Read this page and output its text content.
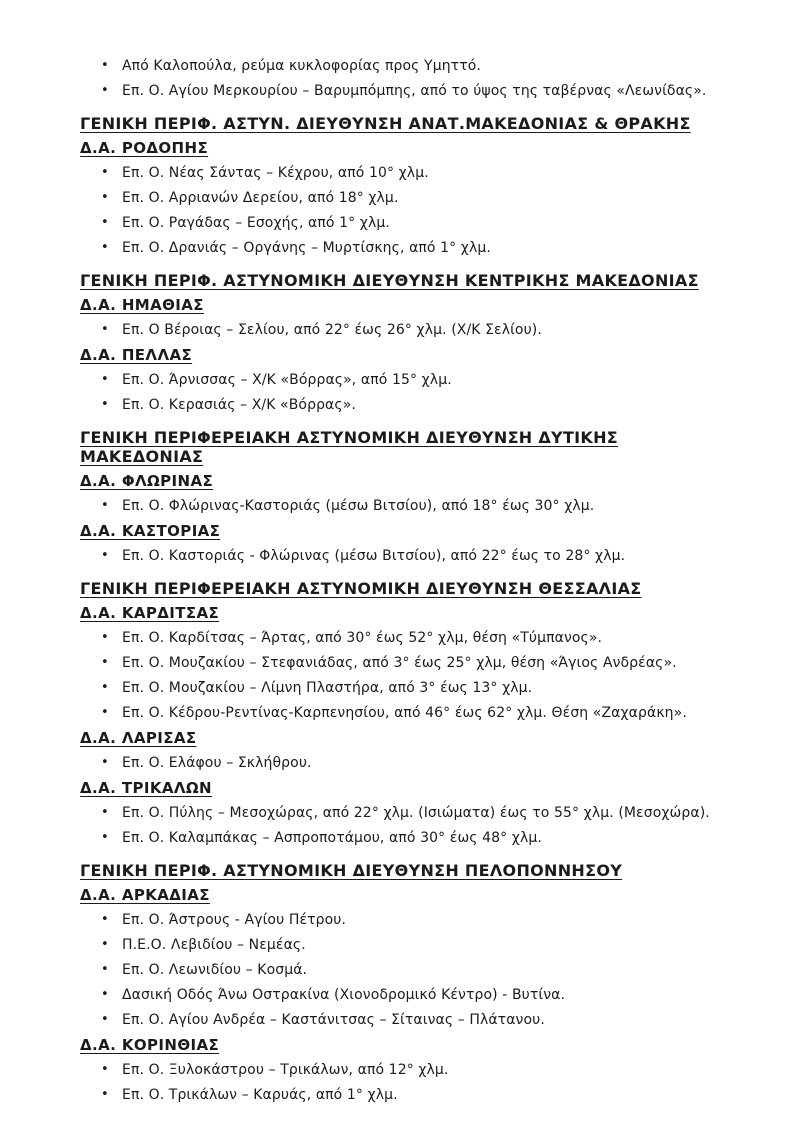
• Από Καλοπούλα, ρεύμα κυκλοφορίας προς Υμηττό.
• Επ. Ο. Αγίου Μερκουρίου – Βαρυμπόμπης, από το ύψος της ταβέρνας «Λεωνίδας».
ΓΕΝΙΚΗ ΠΕΡΙΦ. ΑΣΤΥΝ. ΔΙΕΥΘΥΝΣΗ ΑΝΑΤ.ΜΑΚΕΔΟΝΙΑΣ & ΘΡΑΚΗΣ
Δ.Α. ΡΟΔΟΠΗΣ
• Επ. Ο. Νέας Σάντας – Κέχρου, από 10° χλμ.
• Επ. Ο. Αρριανών Δερείου, από 18° χλμ.
• Επ. Ο. Ραγάδας – Εσοχής, από 1° χλμ.
• Επ. Ο. Δρανιάς – Οργάνης – Μυρτίσκης, από 1° χλμ.
ΓΕΝΙΚΗ ΠΕΡΙΦ. ΑΣΤΥΝΟΜΙΚΗ ΔΙΕΥΘΥΝΣΗ ΚΕΝΤΡΙΚΗΣ ΜΑΚΕΔΟΝΙΑΣ
Δ.Α. ΗΜΑΘΙΑΣ
• Επ. Ο Βέροιας – Σελίου, από 22° έως 26° χλμ. (Χ/Κ Σελίου).
Δ.Α. ΠΕΛΛΑΣ
• Επ. Ο. Άρνισσας – Χ/Κ «Βόρρας», από 15° χλμ.
• Επ. Ο. Κερασιάς – Χ/Κ «Βόρρας».
ΓΕΝΙΚΗ ΠΕΡΙΦΕΡΕΙΑΚΗ ΑΣΤΥΝΟΜΙΚΗ ΔΙΕΥΘΥΝΣΗ ΔΥΤΙΚΗΣ ΜΑΚΕΔΟΝΙΑΣ
Δ.Α. ΦΛΩΡΙΝΑΣ
• Επ. Ο. Φλώρινας-Καστοριάς (μέσω Βιτσίου), από 18° έως 30° χλμ.
Δ.Α. ΚΑΣΤΟΡΙΑΣ
• Επ. Ο. Καστοριάς - Φλώρινας (μέσω Βιτσίου), από 22° έως το 28° χλμ.
ΓΕΝΙΚΗ ΠΕΡΙΦΕΡΕΙΑΚΗ ΑΣΤΥΝΟΜΙΚΗ ΔΙΕΥΘΥΝΣΗ ΘΕΣΣΑΛΙΑΣ
Δ.Α. ΚΑΡΔΙΤΣΑΣ
• Επ. Ο. Καρδίτσας – Άρτας, από 30° έως 52° χλμ, θέση «Τύμπανος».
• Επ. Ο. Μουζακίου – Στεφανιάδας, από 3° έως 25° χλμ, θέση «Άγιος Ανδρέας».
• Επ. Ο. Μουζακίου – Λίμνη Πλαστήρα, από 3° έως 13° χλμ.
• Επ. Ο. Κέδρου-Ρεντίνας-Καρπενησίου, από 46° έως 62° χλμ. Θέση «Ζαχαράκη».
Δ.Α. ΛΑΡΙΣΑΣ
• Επ. Ο. Ελάφου – Σκλήθρου.
Δ.Α. ΤΡΙΚΑΛΩΝ
• Επ. Ο. Πύλης – Μεσοχώρας, από 22° χλμ. (Ισιώματα) έως το 55° χλμ. (Μεσοχώρα).
• Επ. Ο. Καλαμπάκας – Ασπροποτάμου, από 30° έως 48° χλμ.
ΓΕΝΙΚΗ ΠΕΡΙΦ. ΑΣΤΥΝΟΜΙΚΗ ΔΙΕΥΘΥΝΣΗ ΠΕΛΟΠΟΝΝΗΣΟΥ
Δ.Α. ΑΡΚΑΔΙΑΣ
• Επ. Ο. Άστρους - Αγίου Πέτρου.
• Π.Ε.Ο. Λεβιδίου – Νεμέας.
• Επ. Ο. Λεωνιδίου – Κοσμά.
• Δασική Οδός Άνω Οστρακίνα (Χιονοδρομικό Κέντρο) - Βυτίνα.
• Επ. Ο. Αγίου Ανδρέα – Καστάνιτσας – Σίταινας – Πλάτανου.
Δ.Α. ΚΟΡΙΝΘΙΑΣ
• Επ. Ο. Ξυλοκάστρου – Τρικάλων, από 12° χλμ.
• Επ. Ο. Τρικάλων – Καρυάς, από 1° χλμ.
